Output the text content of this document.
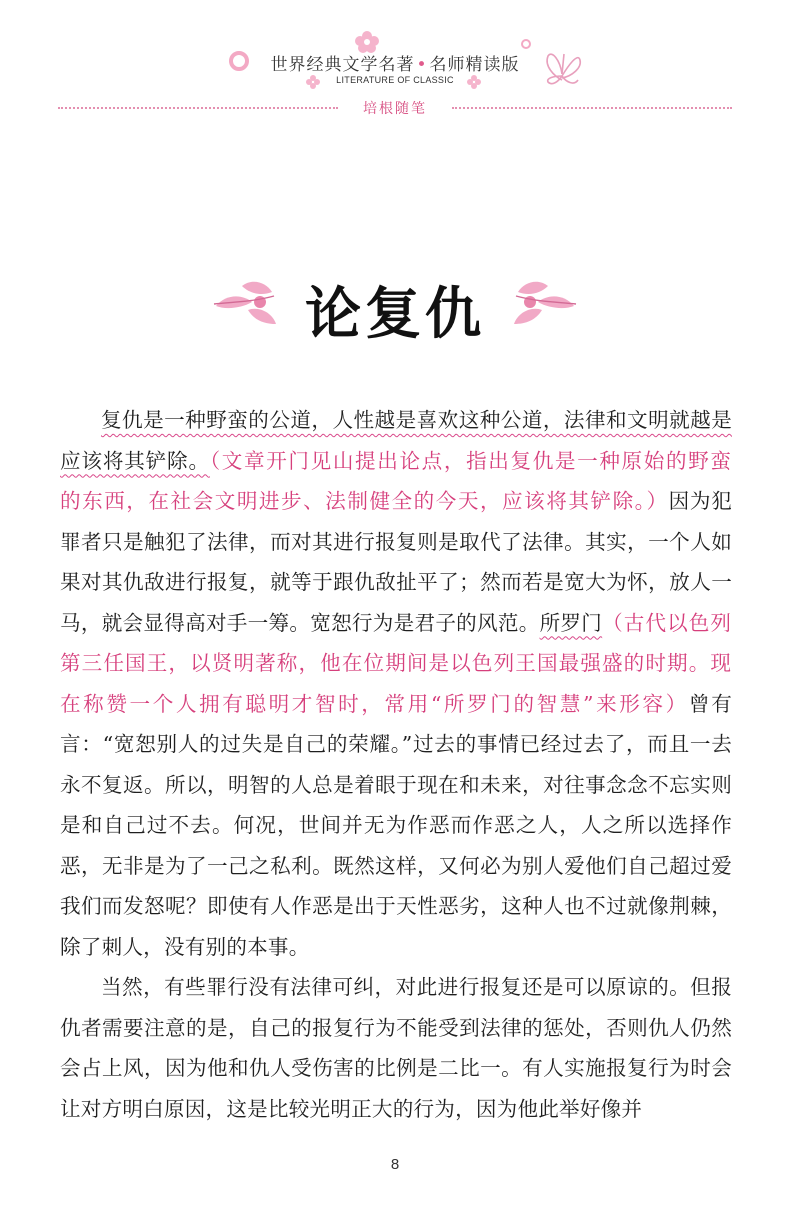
世界经典文学名著 • 名师精读版
LITERATURE OF CLASSIC
培根随笔
论复仇

复仇是一种野蛮的公道，人性越是喜欢这种公道，法律和文明就越是应该将其铲除。（文章开门见山提出论点，指出复仇是一种原始的野蛮的东西，在社会文明进步、法制健全的今天，应该将其铲除。）因为犯罪者只是触犯了法律，而对其进行报复则是取代了法律。其实，一个人如果对其仇敌进行报复，就等于跟仇敌扯平了；然而若是宽大为怀，放人一马，就会显得高对手一筹。宽恕行为是君子的风范。所罗门（古代以色列第三任国王，以贤明著称，他在位期间是以色列王国最强盛的时期。现在称赞一个人拥有聪明才智时，常用“所罗门的智慧”来形容）曾有言：“宽恕别人的过失是自己的荣耀。”过去的事情已经过去了，而且一去永不复返。所以，明智的人总是着眼于现在和未来，对往事念念不忘实则是和自己过不去。何况，世间并无为作恶而作恶之人，人之所以选择作恶，无非是为了一己之私利。既然这样，又何必为别人爱他们自己超过爱我们而发怒呢？即使有人作恶是出于天性恶劣，这种人也不过就像荆棘，除了刺人，没有别的本事。

当然，有些罪行没有法律可纠，对此进行报复还是可以原谅的。但报仇者需要注意的是，自己的报复行为不能受到法律的惩处，否则仇人仍然会占上风，因为他和仇人受伤害的比例是二比一。有人实施报复行为时会让对方明白原因，这是比较光明正大的行为，因为他此举好像并

8
